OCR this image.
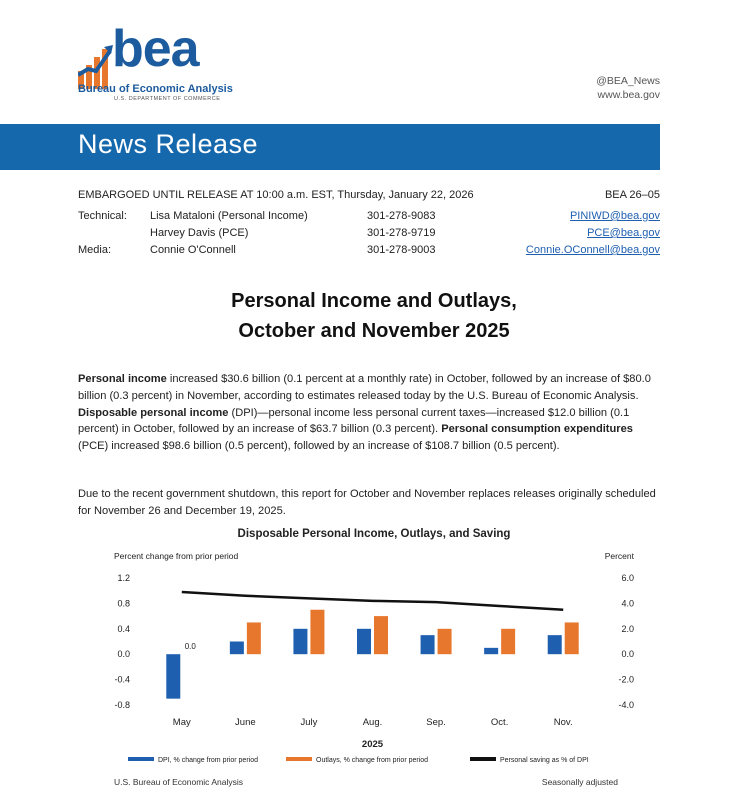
bea
Bureau of Economic Analysis
U.S. DEPARTMENT OF COMMERCE
@BEA_News
www.bea.gov
News Release
EMBARGOED UNTIL RELEASE AT 10:00 a.m. EST, Thursday, January 22, 2026	BEA 26–05
Technical: Lisa Mataloni (Personal Income)	301-278-9083	PINIWD@bea.gov
Harvey Davis (PCE)	301-278-9719	PCE@bea.gov
Media:	Connie O'Connell	301-278-9003	Connie.OConnell@bea.gov
Personal Income and Outlays,
October and November 2025
Personal income increased $30.6 billion (0.1 percent at a monthly rate) in October, followed by an increase of $80.0 billion (0.3 percent) in November, according to estimates released today by the U.S. Bureau of Economic Analysis. Disposable personal income (DPI)—personal income less personal current taxes—increased $12.0 billion (0.1 percent) in October, followed by an increase of $63.7 billion (0.3 percent). Personal consumption expenditures (PCE) increased $98.6 billion (0.5 percent), followed by an increase of $108.7 billion (0.5 percent).
Due to the recent government shutdown, this report for October and November replaces releases originally scheduled for November 26 and December 19, 2025.
Disposable Personal Income, Outlays, and Saving
Percent change from prior period	Percent
1.2
0.8
0.4
0.0
-0.4
-0.8
6.0
4.0
2.0
0.0
-2.0
-4.0
May	June	July	Aug.	Sep.	Oct.	Nov.
0.0
2025
DPI, % change from prior period	Outlays, % change from prior period	Personal saving as % of DPI
U.S. Bureau of Economic Analysis	Seasonally adjusted
